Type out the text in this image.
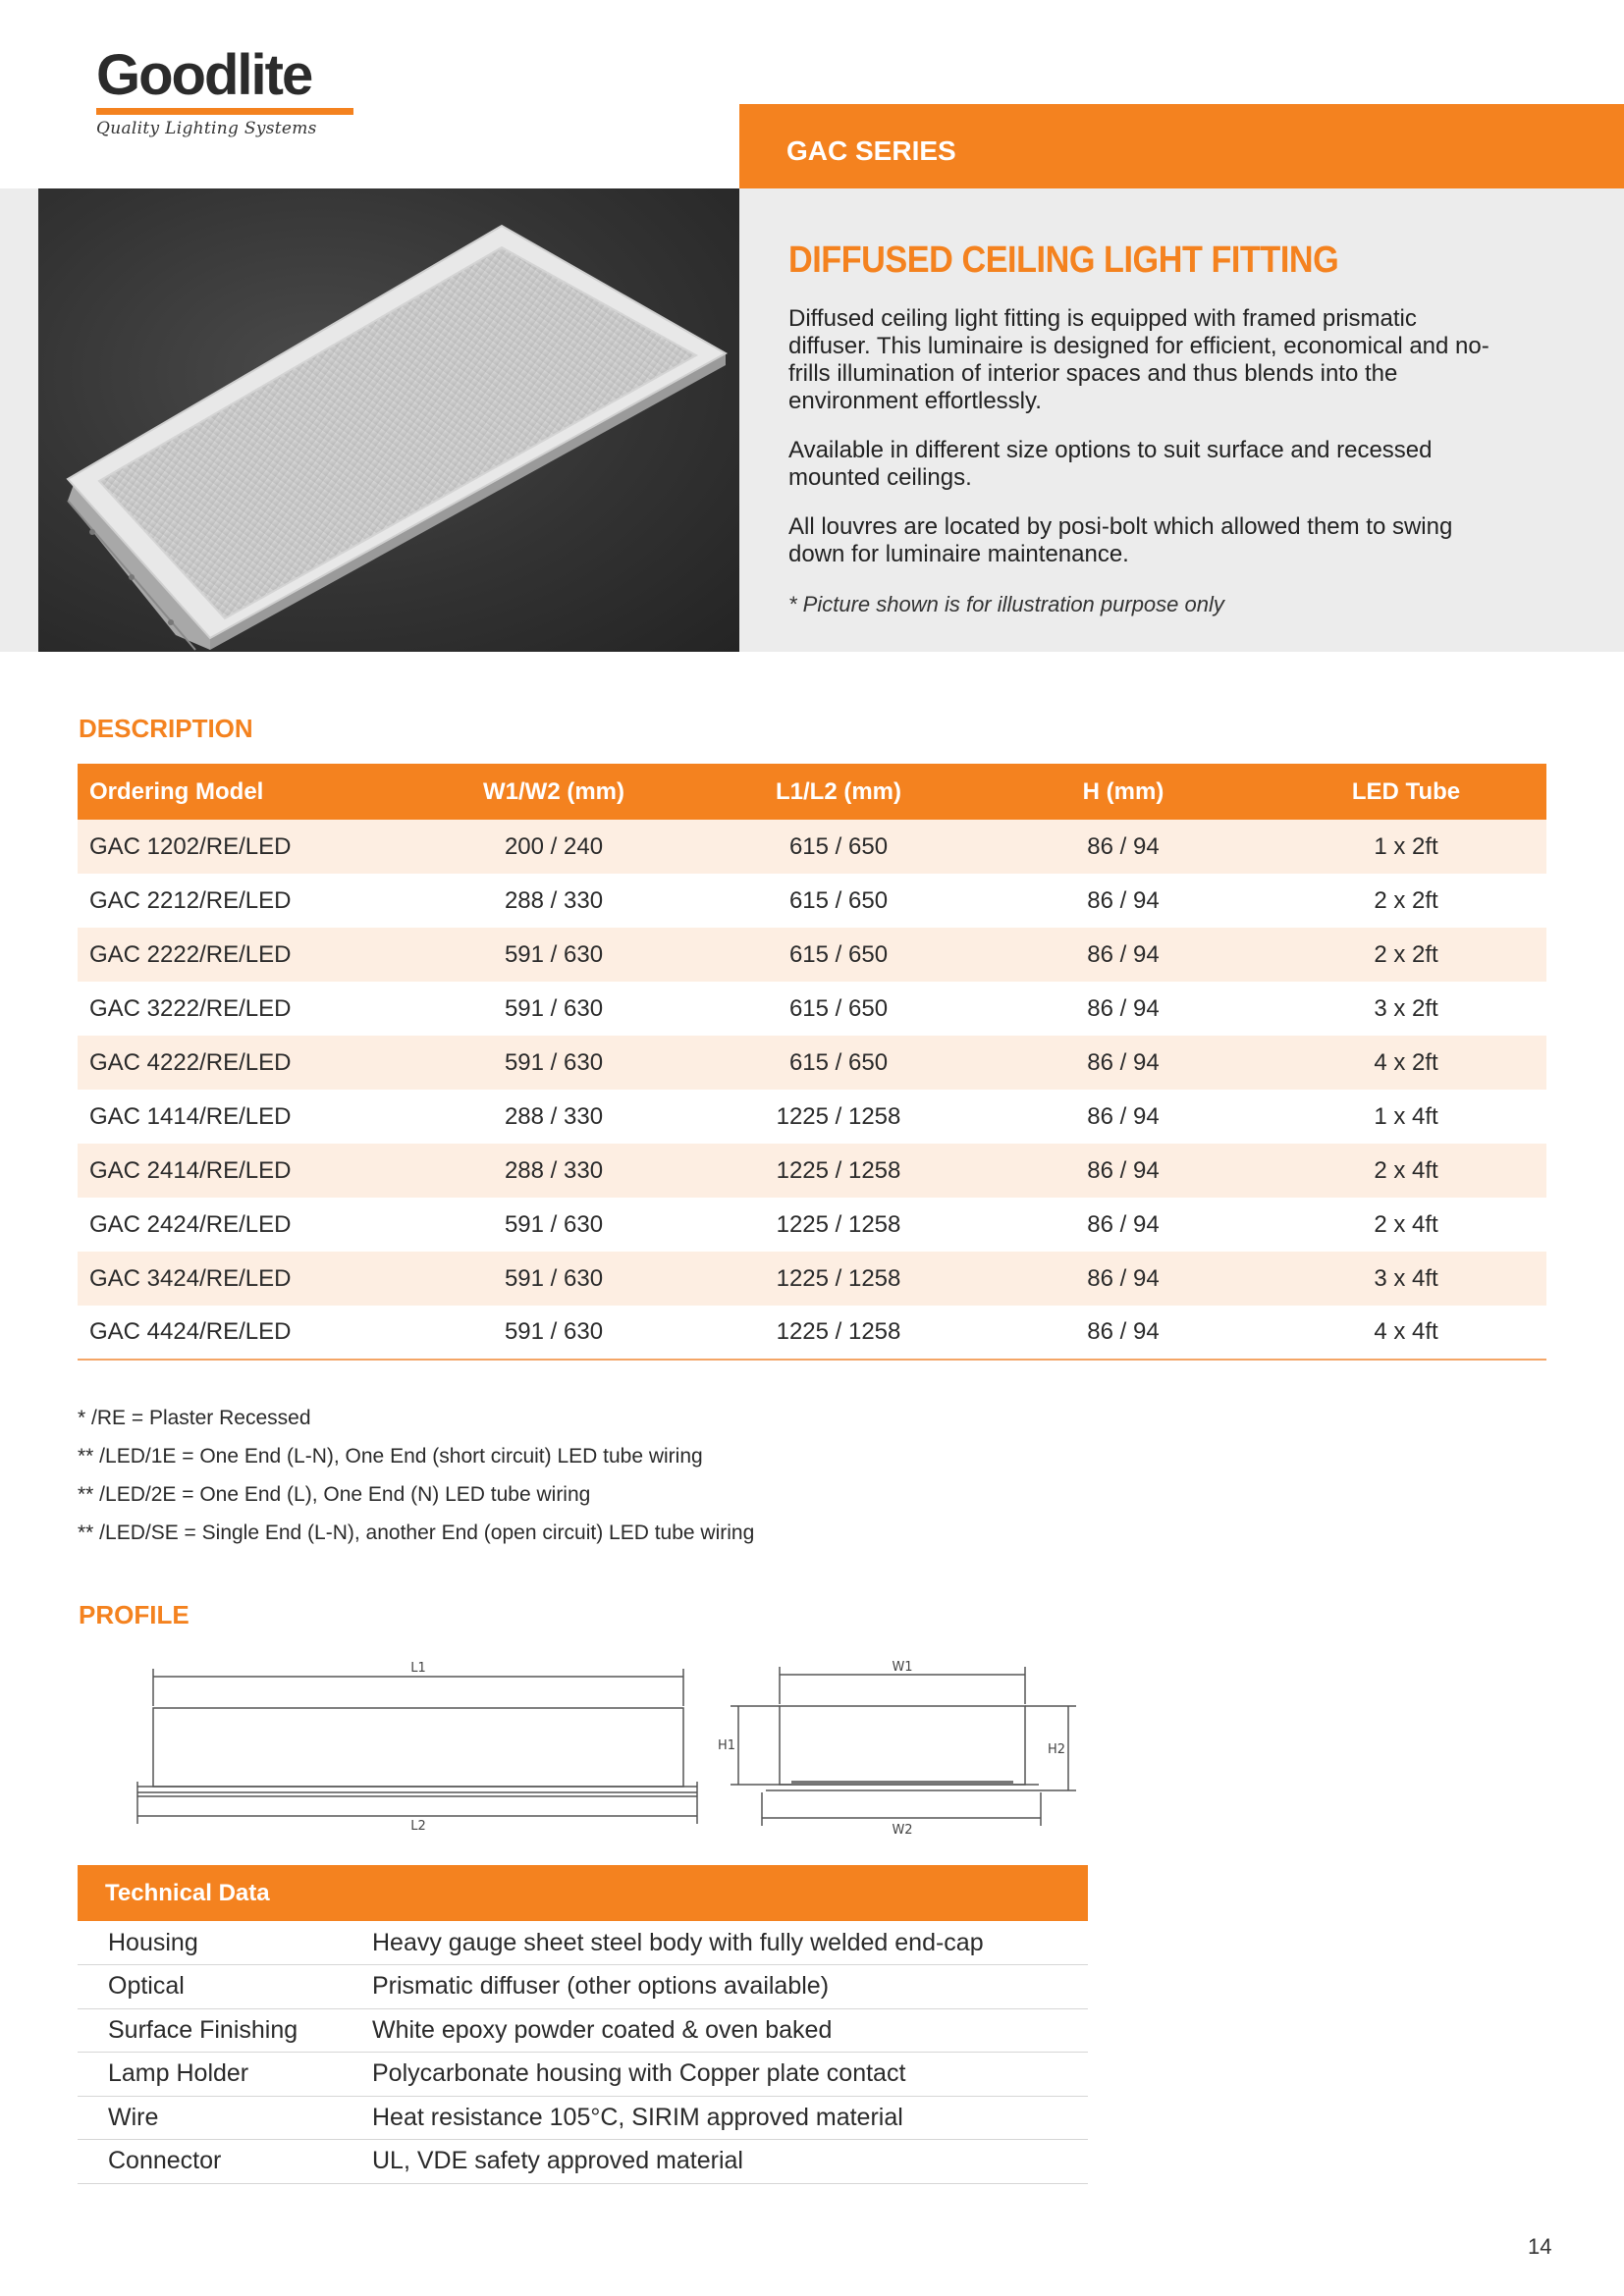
Goodlite
Quality Lighting Systems
GAC SERIES
DIFFUSED CEILING LIGHT FITTING

Diffused ceiling light fitting is equipped with framed prismatic diffuser. This luminaire is designed for efficient, economical and no-frills illumination of interior spaces and thus blends into the environment effortlessly.

Available in different size options to suit surface and recessed mounted ceilings.

All louvres are located by posi-bolt which allowed them to swing down for luminaire maintenance.

* Picture shown is for illustration purpose only

DESCRIPTION
Ordering Model	W1/W2 (mm)	L1/L2 (mm)	H (mm)	LED Tube
GAC 1202/RE/LED	200 / 240	615 / 650	86 / 94	1 x 2ft
GAC 2212/RE/LED	288 / 330	615 / 650	86 / 94	2 x 2ft
GAC 2222/RE/LED	591 / 630	615 / 650	86 / 94	2 x 2ft
GAC 3222/RE/LED	591 / 630	615 / 650	86 / 94	3 x 2ft
GAC 4222/RE/LED	591 / 630	615 / 650	86 / 94	4 x 2ft
GAC 1414/RE/LED	288 / 330	1225 / 1258	86 / 94	1 x 4ft
GAC 2414/RE/LED	288 / 330	1225 / 1258	86 / 94	2 x 4ft
GAC 2424/RE/LED	591 / 630	1225 / 1258	86 / 94	2 x 4ft
GAC 3424/RE/LED	591 / 630	1225 / 1258	86 / 94	3 x 4ft
GAC 4424/RE/LED	591 / 630	1225 / 1258	86 / 94	4 x 4ft
* /RE = Plaster Recessed
** /LED/1E = One End (L-N), One End (short circuit) LED tube wiring
** /LED/2E = One End (L), One End (N) LED tube wiring
** /LED/SE = Single End (L-N), another End (open circuit) LED tube wiring
PROFILE
L1
L2
W1
W2
H1	H2
Technical Data
Housing	Heavy gauge sheet steel body with fully welded end-cap
Optical	Prismatic diffuser (other options available)
Surface Finishing	White epoxy powder coated & oven baked
Lamp Holder	Polycarbonate housing with Copper plate contact
Wire	Heat resistance 105°C, SIRIM approved material
Connector	UL, VDE safety approved material
14
